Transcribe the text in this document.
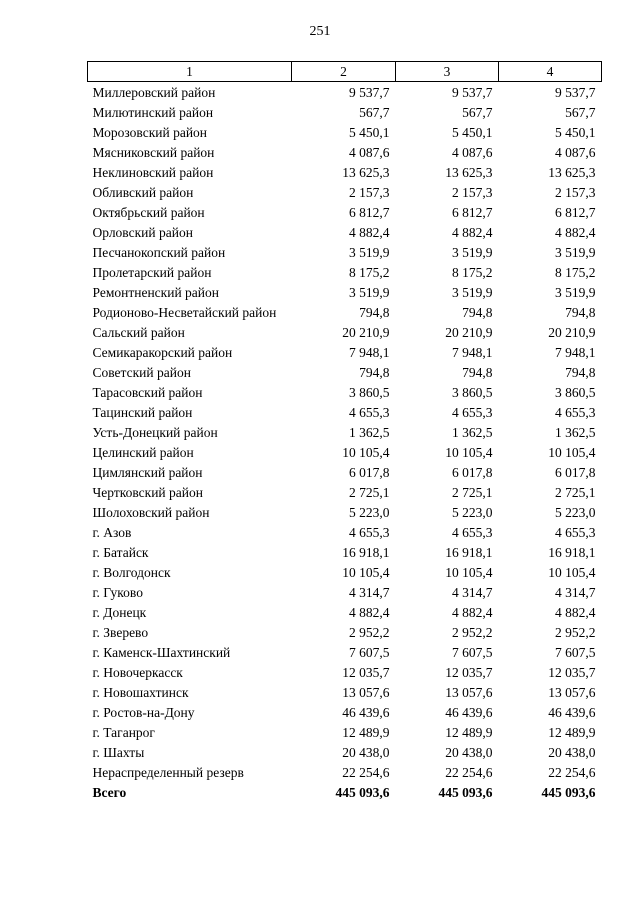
251
1	2	3	4
Миллеровский район	9 537,7	9 537,7	9 537,7
Милютинский район	567,7	567,7	567,7
Морозовский район	5 450,1	5 450,1	5 450,1
Мясниковский район	4 087,6	4 087,6	4 087,6
Неклиновский район	13 625,3	13 625,3	13 625,3
Обливский район	2 157,3	2 157,3	2 157,3
Октябрьский район	6 812,7	6 812,7	6 812,7
Орловский район	4 882,4	4 882,4	4 882,4
Песчанокопский район	3 519,9	3 519,9	3 519,9
Пролетарский район	8 175,2	8 175,2	8 175,2
Ремонтненский район	3 519,9	3 519,9	3 519,9
Родионово-Несветайский район	794,8	794,8	794,8
Сальский район	20 210,9	20 210,9	20 210,9
Семикаракорский район	7 948,1	7 948,1	7 948,1
Советский район	794,8	794,8	794,8
Тарасовский район	3 860,5	3 860,5	3 860,5
Тацинский район	4 655,3	4 655,3	4 655,3
Усть-Донецкий район	1 362,5	1 362,5	1 362,5
Целинский район	10 105,4	10 105,4	10 105,4
Цимлянский район	6 017,8	6 017,8	6 017,8
Чертковский район	2 725,1	2 725,1	2 725,1
Шолоховский район	5 223,0	5 223,0	5 223,0
г. Азов	4 655,3	4 655,3	4 655,3
г. Батайск	16 918,1	16 918,1	16 918,1
г. Волгодонск	10 105,4	10 105,4	10 105,4
г. Гуково	4 314,7	4 314,7	4 314,7
г. Донецк	4 882,4	4 882,4	4 882,4
г. Зверево	2 952,2	2 952,2	2 952,2
г. Каменск-Шахтинский	7 607,5	7 607,5	7 607,5
г. Новочеркасск	12 035,7	12 035,7	12 035,7
г. Новошахтинск	13 057,6	13 057,6	13 057,6
г. Ростов-на-Дону	46 439,6	46 439,6	46 439,6
г. Таганрог	12 489,9	12 489,9	12 489,9
г. Шахты	20 438,0	20 438,0	20 438,0
Нераспределенный резерв	22 254,6	22 254,6	22 254,6
Всего	445 093,6	445 093,6	445 093,6
